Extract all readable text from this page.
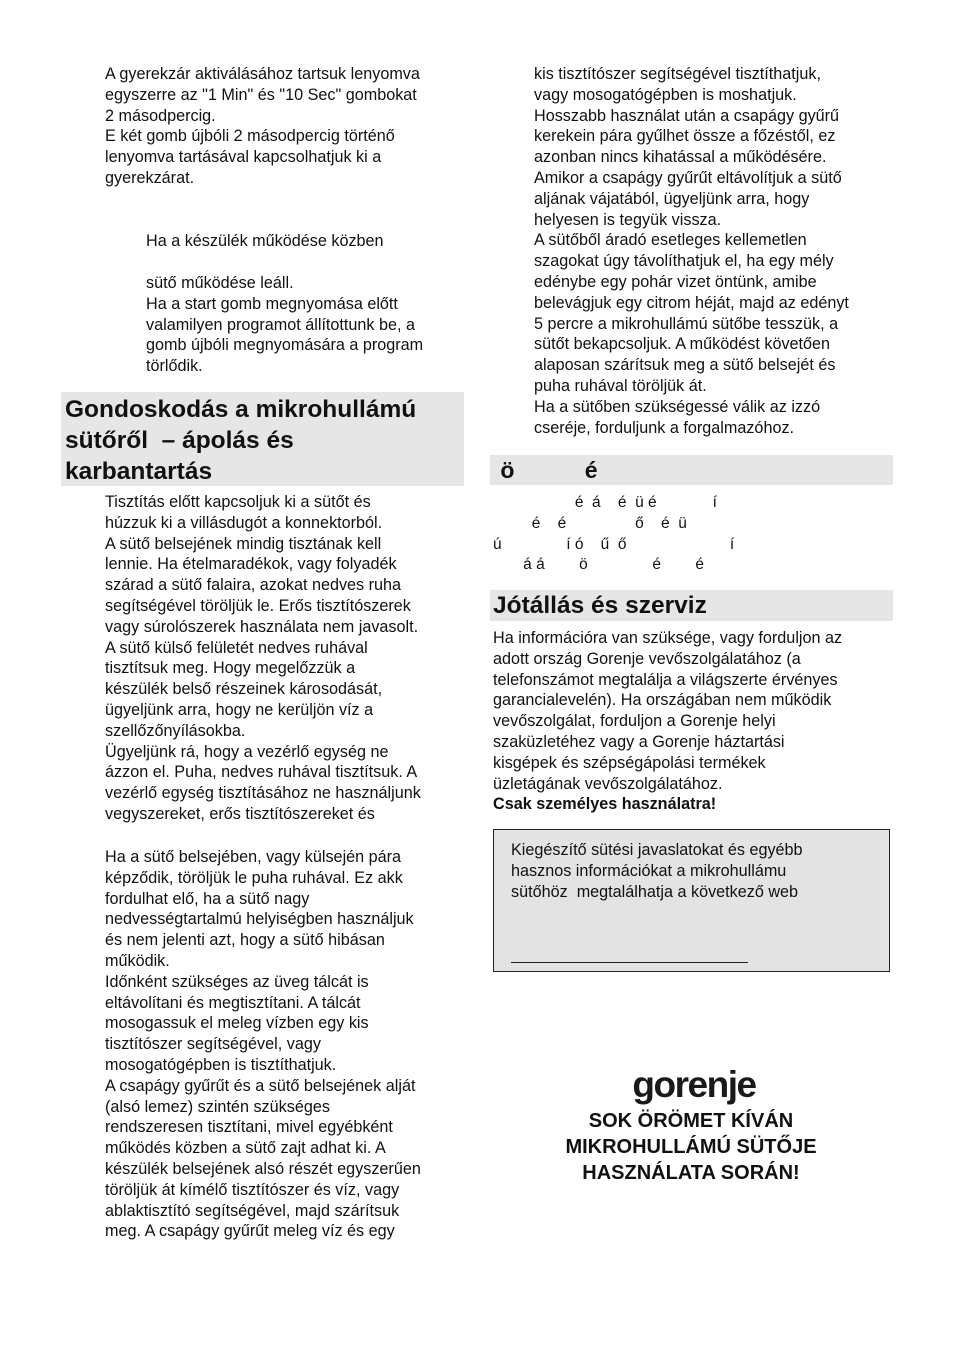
A gyerekzár aktiválásához tartsuk lenyomva
egyszerre az "1 Min" és "10 Sec" gombokat
2 másodpercig.
E két gomb újbóli 2 másodpercig történő
lenyomva tartásával kapcsolhatjuk ki a
gyerekzárat.
Ha a készülék működése közben
sütő működése leáll.
Ha a start gomb megnyomása előtt
valamilyen programot állítottunk be, a
gomb újbóli megnyomására a program
törlődik.
Gondoskodás a mikrohullámú
sütőről  – ápolás és
karbantartás
Tisztítás előtt kapcsoljuk ki a sütőt és
húzzuk ki a villásdugót a konnektorból.
A sütő belsejének mindig tisztának kell
lennie. Ha ételmaradékok, vagy folyadék
szárad a sütő falaira, azokat nedves ruha
segítségével töröljük le. Erős tisztítószerek
vagy súrolószerek használata nem javasolt.
A sütő külső felületét nedves ruhával
tisztítsuk meg. Hogy megelőzzük a
készülék belső részeinek károsodását,
ügyeljünk arra, hogy ne kerüljön víz a
szellőzőnyílásokba.
Ügyeljünk rá, hogy a vezérlő egység ne
ázzon el. Puha, nedves ruhával tisztítsuk. A
vezérlő egység tisztításához ne használjunk
vegyszereket, erős tisztítószereket és
Ha a sütő belsejében, vagy külsején pára
képződik, töröljük le puha ruhával. Ez akk
fordulhat elő, ha a sütő nagy
nedvességtartalmú helyiségben használjuk
és nem jelenti azt, hogy a sütő hibásan
működik.
Időnként szükséges az üveg tálcát is
eltávolítani és megtisztítani. A tálcát
mosogassuk el meleg vízben egy kis
tisztítószer segítségével, vagy
mosogatógépben is tisztíthatjuk.
A csapágy gyűrűt és a sütő belsejének alját
(alsó lemez) szintén szükséges
rendszeresen tisztítani, mivel egyébként
működés közben a sütő zajt adhat ki. A
készülék belsejének alsó részét egyszerűen
töröljük át kímélő tisztítószer és víz, vagy
ablaktisztító segítségével, majd szárítsuk
meg. A csapágy gyűrűt meleg víz és egy
kis tisztítószer segítségével tisztíthatjuk,
vagy mosogatógépben is moshatjuk.
Hosszabb használat után a csapágy gyűrű
kerekein pára gyűlhet össze a főzéstől, ez
azonban nincs kihatással a működésére.
Amikor a csapágy gyűrűt eltávolítjuk a sütő
aljának vájatából, ügyeljünk arra, hogy
helyesen is tegyük vissza.
A sütőből áradó esetleges kellemetlen
szagokat úgy távolíthatjuk el, ha egy mély
edénybe egy pohár vizet öntünk, amibe
belevágjuk egy citrom héját, majd az edényt
5 percre a mikrohullámú sütőbe tesszük, a
sütőt bekapcsoljuk. A működést követően
alaposan szárítsuk meg a sütő belsejét és
puha ruhával töröljük át.
Ha a sütőben szükségessé válik az izzó
cseréje, forduljunk a forgalmazóhoz.
ö           é
é  á    é  ü é             í
é    é                ő    é  ü
ú               í ó    ű  ő                        í
á á        ö               é        é
Jótállás és szerviz
Ha információra van szüksége, vagy forduljon az
adott ország Gorenje vevőszolgálatához (a
telefonszámot megtalálja a világszerte érvényes
garancialevelén). Ha országában nem működik
vevőszolgálat, forduljon a Gorenje helyi
szaküzletéhez vagy a Gorenje háztartási
kisgépek és szépségápolási termékek
üzletágának vevőszolgálatához.
Csak személyes használatra!
Kiegészítő sütési javaslatokat és egyébb
hasznos információkat a mikrohullámu
sütőhöz  megtalálhatja a következő web
gorenje
SOK ÖRÖMET KÍVÁN
MIKROHULLÁMÚ SÜTŐJE
HASZNÁLATA SORÁN!
